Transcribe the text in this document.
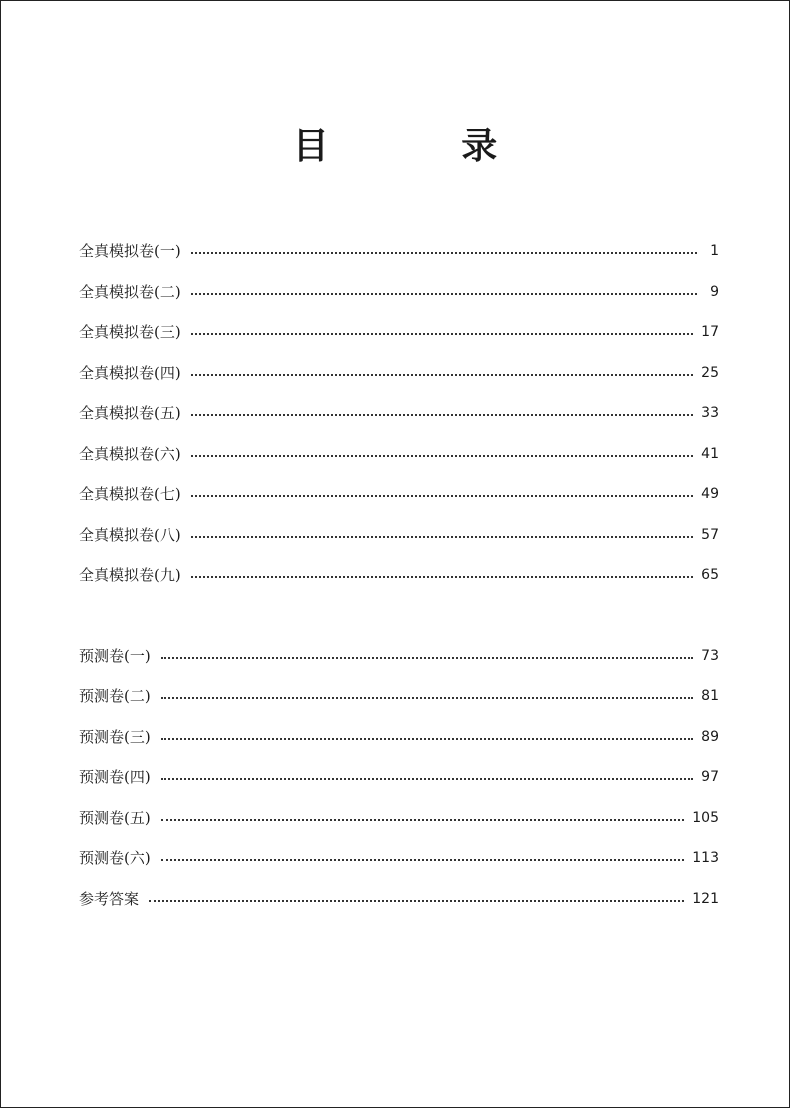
目 录
全真模拟卷(一)	1
全真模拟卷(二)	9
全真模拟卷(三)	17
全真模拟卷(四)	25
全真模拟卷(五)	33
全真模拟卷(六)	41
全真模拟卷(七)	49
全真模拟卷(八)	57
全真模拟卷(九)	65
预测卷(一)	73
预测卷(二)	81
预测卷(三)	89
预测卷(四)	97
预测卷(五)	105
预测卷(六)	113
参考答案	121
